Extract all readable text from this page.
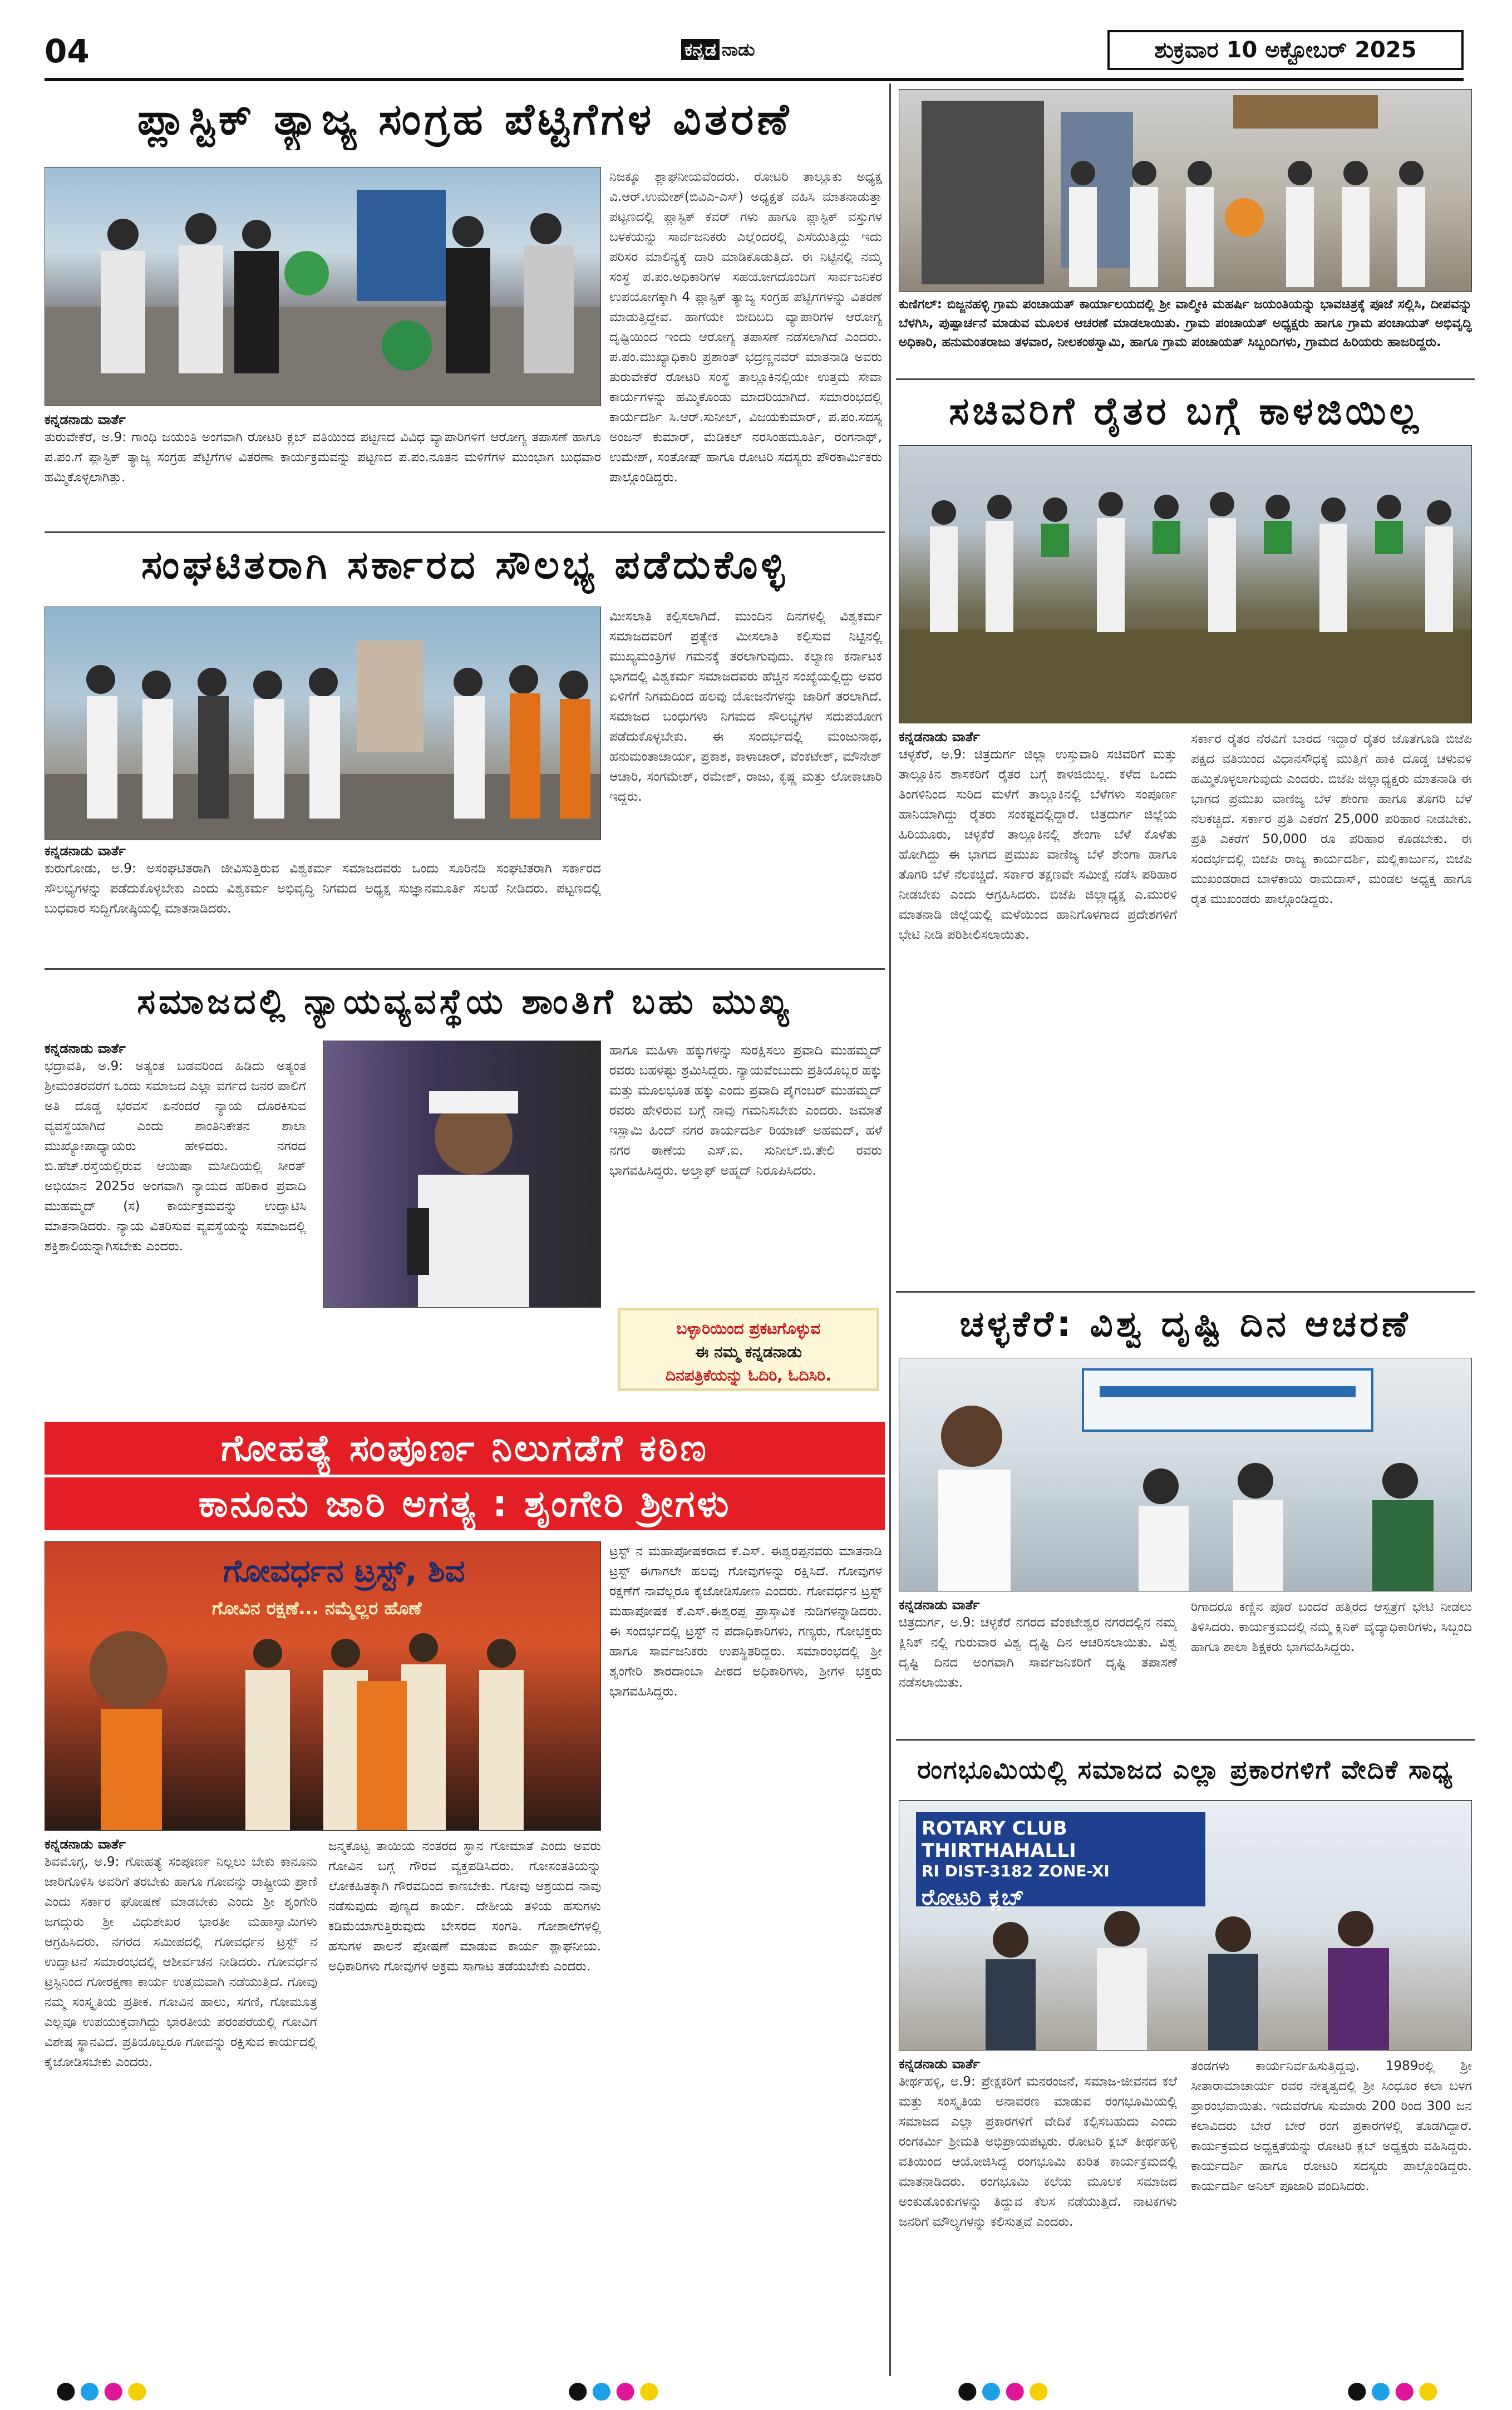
04	ಕನ್ನಡ ನಾಡು	ಶುಕ್ರವಾರ 10 ಅಕ್ಟೋಬರ್ 2025
ಪ್ಲಾಸ್ಟಿಕ್ ತ್ಯಾಜ್ಯ ಸಂಗ್ರಹ ಪೆಟ್ಟಿಗೆಗಳ ವಿತರಣೆ
ಕನ್ನಡನಾಡು ವಾರ್ತೆ
ತುರುವೇಕೆರೆ, ಅ.9: ಗಾಂಧಿ ಜಯಂತಿ ಅಂಗವಾಗಿ ರೋಟರಿ ಕ್ಲಬ್ ವತಿಯಿಂದ ಪಟ್ಟಣದ ವಿವಿಧ ವ್ಯಾಪಾರಿಗಳಿಗೆ ಆರೋಗ್ಯ ತಪಾಸಣೆ ಹಾಗೂ ಪ.ಪಂ.ಗೆ ಪ್ಲಾಸ್ಟಿಕ್ ತ್ಯಾಜ್ಯ ಸಂಗ್ರಹ ಪೆಟ್ಟಿಗೆಗಳ ವಿತರಣಾ ಕಾರ್ಯಕ್ರಮವನ್ನು ಪಟ್ಟಣದ ಪ.ಪಂ.ನೂತನ ಮಳಿಗೆಗಳ ಮುಂಭಾಗ ಬುಧವಾರ ಹಮ್ಮಿಕೊಳ್ಳಲಾಗಿತ್ತು.
ನಿಜಕ್ಕೂ ಶ್ಲಾಘನೀಯವೆಂದರು. ರೋಟರಿ ತಾಲ್ಲೂಕು ಅಧ್ಯಕ್ಷ ವಿ.ಆರ್.ಉಮೇಶ್(ಬಿವಿಎ-ಎಸ್) ಅಧ್ಯಕ್ಷತೆ ವಹಿಸಿ ಮಾತನಾಡುತ್ತಾ ಪಟ್ಟಣದಲ್ಲಿ ಪ್ಲಾಸ್ಟಿಕ್ ಕವರ್ ಗಳು ಹಾಗೂ ಪ್ಲಾಸ್ಟಿಕ್ ವಸ್ತುಗಳ ಬಳಕೆಯನ್ನು ಸಾರ್ವಜನಿಕರು ಎಲ್ಲೆಂದರಲ್ಲಿ ಎಸೆಯುತ್ತಿದ್ದು ಇದು ಪರಿಸರ ಮಾಲಿನ್ಯಕ್ಕೆ ದಾರಿ ಮಾಡಿಕೊಡುತ್ತಿದೆ. ಈ ನಿಟ್ಟಿನಲ್ಲಿ ನಮ್ಮ ಸಂಸ್ಥೆ ಪ.ಪಂ.ಅಧಿಕಾರಿಗಳ ಸಹಯೋಗದೊಂದಿಗೆ ಸಾರ್ವಜನಿಕರ ಉಪಯೋಗಕ್ಕಾಗಿ 4 ಪ್ಲಾಸ್ಟಿಕ್ ತ್ಯಾಜ್ಯ ಸಂಗ್ರಹ ಪೆಟ್ಟಿಗೆಗಳನ್ನು ವಿತರಣೆ ಮಾಡುತ್ತಿದ್ದೇವೆ. ಹಾಗೆಯೇ ಬೀದಿಬದಿ ವ್ಯಾಪಾರಿಗಳ ಆರೋಗ್ಯ ದೃಷ್ಟಿಯಿಂದ ಇಂದು ಆರೋಗ್ಯ ತಪಾಸಣೆ ನಡೆಸಲಾಗಿದೆ ಎಂದರು. ಪ.ಪಂ.ಮುಖ್ಯಾಧಿಕಾರಿ ಪ್ರಶಾಂತ್ ಭದ್ರಣ್ಣನವರ್ ಮಾತನಾಡಿ ಅವರು ತುರುವೇಕೆರೆ ರೋಟರಿ ಸಂಸ್ಥೆ ತಾಲ್ಲೂಕಿನಲ್ಲಿಯೇ ಉತ್ತಮ ಸೇವಾ ಕಾರ್ಯಗಳನ್ನು ಹಮ್ಮಿಕೊಂಡು ಮಾದರಿಯಾಗಿದೆ. ಸಮಾರಂಭದಲ್ಲಿ ಕಾರ್ಯದರ್ಶಿ ಸಿ.ಆರ್.ಸುನೀಲ್, ವಿಜಯಕುಮಾರ್, ಪ.ಪಂ.ಸದಸ್ಯ ಅಂಜನ್ ಕುಮಾರ್, ಮೆಡಿಕಲ್ ನರಸಿಂಹಮೂರ್ತಿ, ರಂಗನಾಥ್, ಉಮೇಶ್, ಸಂತೋಷ್ ಹಾಗೂ ರೋಟರಿ ಸದಸ್ಯರು ಪೌರಕಾರ್ಮಿಕರು ಪಾಲ್ಗೊಂಡಿದ್ದರು.
ಕುಣಿಗಲ್: ಬಿಜ್ಜನಹಳ್ಳಿ ಗ್ರಾಮ ಪಂಚಾಯತ್ ಕಾರ್ಯಾಲಯದಲ್ಲಿ ಶ್ರೀ ವಾಲ್ಮೀಕಿ ಮಹರ್ಷಿ ಜಯಂತಿಯನ್ನು ಭಾವಚಿತ್ರಕ್ಕೆ ಪೂಜೆ ಸಲ್ಲಿಸಿ, ದೀಪವನ್ನು ಬೆಳಗಿಸಿ, ಪುಷ್ಪಾರ್ಚನೆ ಮಾಡುವ ಮೂಲಕ ಆಚರಣೆ ಮಾಡಲಾಯಿತು. ಗ್ರಾಮ ಪಂಚಾಯತ್ ಅಧ್ಯಕ್ಷರು ಹಾಗೂ ಗ್ರಾಮ ಪಂಚಾಯತ್ ಅಭಿವೃದ್ಧಿ ಅಧಿಕಾರಿ, ಹನುಮಂತರಾಜು ತಳವಾರ, ನೀಲಕಂಠಸ್ವಾಮಿ, ಹಾಗೂ ಗ್ರಾಮ ಪಂಚಾಯತ್ ಸಿಬ್ಬಂದಿಗಳು, ಗ್ರಾಮದ ಹಿರಿಯರು ಹಾಜರಿದ್ದರು.
ಸಚಿವರಿಗೆ ರೈತರ ಬಗ್ಗೆ ಕಾಳಜಿಯಿಲ್ಲ
ಕನ್ನಡನಾಡು ವಾರ್ತೆ
ಚಳ್ಳಕೆರೆ, ಅ.9: ಚಿತ್ರದುರ್ಗ ಜಿಲ್ಲಾ ಉಸ್ತುವಾರಿ ಸಚಿವರಿಗೆ ಮತ್ತು ತಾಲ್ಲೂಕಿನ ಶಾಸಕರಿಗೆ ರೈತರ ಬಗ್ಗೆ ಕಾಳಜಿಯಿಲ್ಲ. ಕಳೆದ ಒಂದು ತಿಂಗಳಿನಿಂದ ಸುರಿದ ಮಳೆಗೆ ತಾಲ್ಲೂಕಿನಲ್ಲಿ ಬೆಳೆಗಳು ಸಂಪೂರ್ಣ ಹಾನಿಯಾಗಿದ್ದು ರೈತರು ಸಂಕಷ್ಟದಲ್ಲಿದ್ದಾರೆ. ಚಿತ್ರದುರ್ಗ ಜಿಲ್ಲೆಯ ಹಿರಿಯೂರು, ಚಳ್ಳಕೆರೆ ತಾಲ್ಲೂಕಿನಲ್ಲಿ ಶೇಂಗಾ ಬೆಳೆ ಕೊಳೆತು ಹೋಗಿದ್ದು ಈ ಭಾಗದ ಪ್ರಮುಖ ವಾಣಿಜ್ಯ ಬೆಳೆ ಶೇಂಗಾ ಹಾಗೂ ತೊಗರಿ ಬೆಳೆ ನೆಲಕಚ್ಚಿದೆ. ಸರ್ಕಾರ ತಕ್ಷಣವೇ ಸಮೀಕ್ಷೆ ನಡೆಸಿ ಪರಿಹಾರ ನೀಡಬೇಕು ಎಂದು ಆಗ್ರಹಿಸಿದರು. ಬಿಜೆಪಿ ಜಿಲ್ಲಾಧ್ಯಕ್ಷ ಎ.ಮುರಳಿ ಮಾತನಾಡಿ ಜಿಲ್ಲೆಯಲ್ಲಿ ಮಳೆಯಿಂದ ಹಾನಿಗೊಳಗಾದ ಪ್ರದೇಶಗಳಿಗೆ ಭೇಟಿ ನೀಡಿ ಪರಿಶೀಲಿಸಲಾಯಿತು.
ಸರ್ಕಾರ ರೈತರ ನೆರವಿಗೆ ಬಾರದ ಇದ್ದಾರೆ ರೈತರ ಜೊತೆಗೂಡಿ ಬಿಜೆಪಿ ಪಕ್ಷದ ವತಿಯಿಂದ ವಿಧಾನಸೌಧಕ್ಕೆ ಮುತ್ತಿಗೆ ಹಾಕಿ ದೊಡ್ಡ ಚಳುವಳಿ ಹಮ್ಮಿಕೊಳ್ಳಲಾಗುವುದು ಎಂದರು. ಬಿಜೆಪಿ ಜಿಲ್ಲಾಧ್ಯಕ್ಷರು ಮಾತನಾಡಿ ಈ ಭಾಗದ ಪ್ರಮುಖ ವಾಣಿಜ್ಯ ಬೆಳೆ ಶೇಂಗಾ ಹಾಗೂ ತೊಗರಿ ಬೆಳೆ ನೆಲಕಚ್ಚಿದೆ. ಸರ್ಕಾರ ಪ್ರತಿ ಎಕರೆಗೆ 25,000 ಪರಿಹಾರ ನೀಡಬೇಕು. ಪ್ರತಿ ಎಕರೆಗೆ 50,000 ರೂ ಪರಿಹಾರ ಕೊಡಬೇಕು. ಈ ಸಂದರ್ಭದಲ್ಲಿ ಬಿಜೆಪಿ ರಾಜ್ಯ ಕಾರ್ಯದರ್ಶಿ, ಮಲ್ಲಿಕಾರ್ಜುನ, ಬಿಜೆಪಿ ಮುಖಂಡರಾದ ಬಾಳೆಕಾಯಿ ರಾಮದಾಸ್, ಮಂಡಲ ಅಧ್ಯಕ್ಷ ಹಾಗೂ ರೈತ ಮುಖಂಡರು ಪಾಲ್ಗೊಂಡಿದ್ದರು.
ಸಂಘಟಿತರಾಗಿ ಸರ್ಕಾರದ ಸೌಲಭ್ಯ ಪಡೆದುಕೊಳ್ಳಿ
ಕನ್ನಡನಾಡು ವಾರ್ತೆ
ಕುರುಗೋಡು, ಅ.9: ಅಸಂಘಟಿತರಾಗಿ ಜೀವಿಸುತ್ತಿರುವ ವಿಶ್ವಕರ್ಮ ಸಮಾಜದವರು ಒಂದು ಸೂರಿನಡಿ ಸಂಘಟಿತರಾಗಿ ಸರ್ಕಾರದ ಸೌಲಭ್ಯಗಳನ್ನು ಪಡೆದುಕೊಳ್ಳಬೇಕು ಎಂದು ವಿಶ್ವಕರ್ಮ ಅಭಿವೃದ್ಧಿ ನಿಗಮದ ಅಧ್ಯಕ್ಷ ಸುಜ್ಞಾನಮೂರ್ತಿ ಸಲಹೆ ನೀಡಿದರು. ಪಟ್ಟಣದಲ್ಲಿ ಬುಧವಾರ ಸುದ್ದಿಗೋಷ್ಠಿಯಲ್ಲಿ ಮಾತನಾಡಿದರು.
ಮೀಸಲಾತಿ ಕಲ್ಪಿಸಲಾಗಿದೆ. ಮುಂದಿನ ದಿನಗಳಲ್ಲಿ ವಿಶ್ವಕರ್ಮ ಸಮಾಜದವರಿಗೆ ಪ್ರತ್ಯೇಕ ಮೀಸಲಾತಿ ಕಲ್ಪಿಸುವ ನಿಟ್ಟಿನಲ್ಲಿ ಮುಖ್ಯಮಂತ್ರಿಗಳ ಗಮನಕ್ಕೆ ತರಲಾಗುವುದು. ಕಲ್ಯಾಣ ಕರ್ನಾಟಕ ಭಾಗದಲ್ಲಿ ವಿಶ್ವಕರ್ಮ ಸಮಾಜದವರು ಹೆಚ್ಚಿನ ಸಂಖ್ಯೆಯಲ್ಲಿದ್ದು ಅವರ ಏಳಿಗೆಗೆ ನಿಗಮದಿಂದ ಹಲವು ಯೋಜನೆಗಳನ್ನು ಜಾರಿಗೆ ತರಲಾಗಿದೆ. ಸಮಾಜದ ಬಂಧುಗಳು ನಿಗಮದ ಸೌಲಭ್ಯಗಳ ಸದುಪಯೋಗ ಪಡೆದುಕೊಳ್ಳಬೇಕು. ಈ ಸಂದರ್ಭದಲ್ಲಿ ಮಂಜುನಾಥ, ಹನುಮಂತಾಚಾರ್ಯ, ಪ್ರಕಾಶ, ಕಾಳಾಚಾರ್, ವೆಂಕಟೇಶ್, ಮೌನೇಶ್ ಆಚಾರಿ, ಸಂಗಮೇಶ್, ರಮೇಶ್, ರಾಜು, ಕೃಷ್ಣ ಮತ್ತು ಲೋಕಾಚಾರಿ ಇದ್ದರು.
ಸಮಾಜದಲ್ಲಿ ನ್ಯಾಯವ್ಯವಸ್ಥೆಯ ಶಾಂತಿಗೆ ಬಹು ಮುಖ್ಯ
ಕನ್ನಡನಾಡು ವಾರ್ತೆ
ಭದ್ರಾವತಿ, ಅ.9: ಅತ್ಯಂತ ಬಡವರಿಂದ ಹಿಡಿದು ಅತ್ಯಂತ ಶ್ರೀಮಂತರವರೆಗೆ ಒಂದು ಸಮಾಜದ ಎಲ್ಲಾ ವರ್ಗದ ಜನರ ಪಾಲಿಗೆ ಅತಿ ದೊಡ್ಡ ಭರವಸೆ ಏನೆಂದರೆ ನ್ಯಾಯ ದೊರಕಿಸುವ ವ್ಯವಸ್ಥೆಯಾಗಿದೆ ಎಂದು ಶಾಂತಿನಿಕೇತನ ಶಾಲಾ ಮುಖ್ಯೋಪಾಧ್ಯಾಯರು ಹೇಳಿದರು. ನಗರದ ಬಿ.ಹೆಚ್.ರಸ್ತೆಯಲ್ಲಿರುವ ಆಯಿಷಾ ಮಸೀದಿಯಲ್ಲಿ ಸೀರತ್ ಅಭಿಯಾನ 2025ರ ಅಂಗವಾಗಿ ನ್ಯಾಯದ ಹರಿಕಾರ ಪ್ರವಾದಿ ಮುಹಮ್ಮದ್ (ಸ) ಕಾರ್ಯಕ್ರಮವನ್ನು ಉದ್ಘಾಟಿಸಿ ಮಾತನಾಡಿದರು. ನ್ಯಾಯ ವಿತರಿಸುವ ವ್ಯವಸ್ಥೆಯನ್ನು ಸಮಾಜದಲ್ಲಿ ಶಕ್ತಿಶಾಲಿಯನ್ನಾಗಿಸಬೇಕು ಎಂದರು.
ಹಾಗೂ ಮಹಿಳಾ ಹಕ್ಕುಗಳನ್ನು ಸುರಕ್ಷಿಸಲು ಪ್ರವಾದಿ ಮುಹಮ್ಮದ್ ರವರು ಬಹಳಷ್ಟು ಶ್ರಮಿಸಿದ್ದರು. ನ್ಯಾಯವೆಂಬುದು ಪ್ರತಿಯೊಬ್ಬರ ಹಕ್ಕು ಮತ್ತು ಮೂಲಭೂತ ಹಕ್ಕು ಎಂದು ಪ್ರವಾದಿ ಪೈಗಂಬರ್ ಮುಹಮ್ಮದ್ ರವರು ಹೇಳಿರುವ ಬಗ್ಗೆ ನಾವು ಗಮನಿಸಬೇಕು ಎಂದರು. ಜಮಾತೆ ಇಸ್ಲಾಮಿ ಹಿಂದ್ ನಗರ ಕಾರ್ಯದರ್ಶಿ ರಿಯಾಜ್ ಅಹಮದ್, ಹಳೆ ನಗರ ಠಾಣೆಯ ಎಸ್.ಐ. ಸುನೀಲ್.ಬಿ.ತೇಲಿ ರವರು ಭಾಗವಹಿಸಿದ್ದರು. ಅಲ್ತಾಫ್ ಅಹ್ಮದ್ ನಿರೂಪಿಸಿದರು.
ಬಳ್ಳಾರಿಯಿಂದ ಪ್ರಕಟಗೊಳ್ಳುವ
ಈ ನಮ್ಮ ಕನ್ನಡನಾಡು
ದಿನಪತ್ರಿಕೆಯನ್ನು ಓದಿರಿ, ಓದಿಸಿರಿ.
ಗೋಹತ್ಯೆ ಸಂಪೂರ್ಣ ನಿಲುಗಡೆಗೆ ಕಠಿಣ
ಕಾನೂನು ಜಾರಿ ಅಗತ್ಯ : ಶೃಂಗೇರಿ ಶ್ರೀಗಳು
ಗೋವರ್ಧನ ಟ್ರಸ್ಟ್, ಶಿವ
ಗೋವಿನ ರಕ್ಷಣೆ... ನಮ್ಮೆಲ್ಲರ ಹೊಣೆ
ಕನ್ನಡನಾಡು ವಾರ್ತೆ
ಶಿವಮೊಗ್ಗ, ಅ.9: ಗೋಹತ್ಯೆ ಸಂಪೂರ್ಣ ನಿಲ್ಲಲು ಬೇಕು ಕಾನೂನು ಜಾರಿಗೊಳಿಸಿ ಅವರಿಗೆ ತರಬೇಕು ಹಾಗೂ ಗೋವನ್ನು ರಾಷ್ಟ್ರೀಯ ಪ್ರಾಣಿ ಎಂದು ಸರ್ಕಾರ ಘೋಷಣೆ ಮಾಡಬೇಕು ಎಂದು ಶ್ರೀ ಶೃಂಗೇರಿ ಜಗದ್ಗುರು ಶ್ರೀ ವಿಧುಶೇಖರ ಭಾರತೀ ಮಹಾಸ್ವಾಮಿಗಳು ಆಗ್ರಹಿಸಿದರು. ನಗರದ ಸಮೀಪದಲ್ಲಿ ಗೋವರ್ಧನ ಟ್ರಸ್ಟ್ ನ ಉದ್ಘಾಟನೆ ಸಮಾರಂಭದಲ್ಲಿ ಆಶೀರ್ವಚನ ನೀಡಿದರು. ಗೋವರ್ಧನ ಟ್ರಸ್ಟಿನಿಂದ ಗೋರಕ್ಷಣಾ ಕಾರ್ಯ ಉತ್ತಮವಾಗಿ ನಡೆಯುತ್ತಿದೆ. ಗೋವು ನಮ್ಮ ಸಂಸ್ಕೃತಿಯ ಪ್ರತೀಕ. ಗೋವಿನ ಹಾಲು, ಸಗಣಿ, ಗೋಮೂತ್ರ ಎಲ್ಲವೂ ಉಪಯುಕ್ತವಾಗಿದ್ದು ಭಾರತೀಯ ಪರಂಪರೆಯಲ್ಲಿ ಗೋವಿಗೆ ವಿಶೇಷ ಸ್ಥಾನವಿದೆ. ಪ್ರತಿಯೊಬ್ಬರೂ ಗೋವನ್ನು ರಕ್ಷಿಸುವ ಕಾರ್ಯದಲ್ಲಿ ಕೈಜೋಡಿಸಬೇಕು ಎಂದರು.
ಜನ್ಮಕೊಟ್ಟ ತಾಯಿಯ ನಂತರದ ಸ್ಥಾನ ಗೋಮಾತೆ ಎಂದು ಅವರು ಗೋವಿನ ಬಗ್ಗೆ ಗೌರವ ವ್ಯಕ್ತಪಡಿಸಿದರು. ಗೋಸಂತತಿಯನ್ನು ಲೋಕಹಿತಕ್ಕಾಗಿ ಗೌರವದಿಂದ ಕಾಣಬೇಕು. ಗೋವು ಆಶ್ರಯದ ನಾವು ನಡೆಸುವುದು ಪುಣ್ಯದ ಕಾರ್ಯ. ದೇಶೀಯ ತಳಿಯ ಹಸುಗಳು ಕಡಿಮೆಯಾಗುತ್ತಿರುವುದು ಬೇಸರದ ಸಂಗತಿ. ಗೋಶಾಲೆಗಳಲ್ಲಿ ಹಸುಗಳ ಪಾಲನೆ ಪೋಷಣೆ ಮಾಡುವ ಕಾರ್ಯ ಶ್ಲಾಘನೀಯ. ಅಧಿಕಾರಿಗಳು ಗೋವುಗಳ ಅಕ್ರಮ ಸಾಗಾಟ ತಡೆಯಬೇಕು ಎಂದರು.
ಟ್ರಸ್ಟ್ ನ ಮಹಾಪೋಷಕರಾದ ಕೆ.ಎಸ್. ಈಶ್ವರಪ್ಪನವರು ಮಾತನಾಡಿ ಟ್ರಸ್ಟ್ ಈಗಾಗಲೇ ಹಲವು ಗೋವುಗಳನ್ನು ರಕ್ಷಿಸಿದೆ. ಗೋವುಗಳ ರಕ್ಷಣೆಗೆ ನಾವೆಲ್ಲರೂ ಕೈಜೋಡಿಸೋಣ ಎಂದರು. ಗೋವರ್ಧನ ಟ್ರಸ್ಟ್ ಮಹಾಪೋಷಕ ಕೆ.ಎಸ್.ಈಶ್ವರಪ್ಪ ಪ್ರಾಸ್ತಾವಿಕ ನುಡಿಗಳನ್ನಾಡಿದರು. ಈ ಸಂದರ್ಭದಲ್ಲಿ ಟ್ರಸ್ಟ್ ನ ಪದಾಧಿಕಾರಿಗಳು, ಗಣ್ಯರು, ಗೋಭಕ್ತರು ಹಾಗೂ ಸಾರ್ವಜನಿಕರು ಉಪಸ್ಥಿತರಿದ್ದರು. ಸಮಾರಂಭದಲ್ಲಿ ಶ್ರೀ ಶೃಂಗೇರಿ ಶಾರದಾಂಬಾ ಪೀಠದ ಅಧಿಕಾರಿಗಳು, ಶ್ರೀಗಳ ಭಕ್ತರು ಭಾಗವಹಿಸಿದ್ದರು.
ಚಳ್ಳಕೆರೆ: ವಿಶ್ವ ದೃಷ್ಟಿ ದಿನ ಆಚರಣೆ
ಕನ್ನಡನಾಡು ವಾರ್ತೆ
ಚಿತ್ರದುರ್ಗ, ಅ.9: ಚಳ್ಳಕೆರೆ ನಗರದ ವೆಂಕಟೇಶ್ವರ ನಗರದಲ್ಲಿನ ನಮ್ಮ ಕ್ಲಿನಿಕ್ ನಲ್ಲಿ ಗುರುವಾರ ವಿಶ್ವ ದೃಷ್ಟಿ ದಿನ ಆಚರಿಸಲಾಯಿತು. ವಿಶ್ವ ದೃಷ್ಟಿ ದಿನದ ಅಂಗವಾಗಿ ಸಾರ್ವಜನಿಕರಿಗೆ ದೃಷ್ಟಿ ತಪಾಸಣೆ ನಡೆಸಲಾಯಿತು.
ರಿಗಾದರೂ ಕಣ್ಣಿನ ಪೊರೆ ಬಂದರೆ ಹತ್ತಿರದ ಆಸ್ಪತ್ರೆಗೆ ಭೇಟಿ ನೀಡಲು ತಿಳಿಸಿದರು. ಕಾರ್ಯಕ್ರಮದಲ್ಲಿ ನಮ್ಮ ಕ್ಲಿನಿಕ್ ವೈದ್ಯಾಧಿಕಾರಿಗಳು, ಸಿಬ್ಬಂದಿ ಹಾಗೂ ಶಾಲಾ ಶಿಕ್ಷಕರು ಭಾಗವಹಿಸಿದ್ದರು.
ರಂಗಭೂಮಿಯಲ್ಲಿ ಸಮಾಜದ ಎಲ್ಲಾ ಪ್ರಕಾರಗಳಿಗೆ ವೇದಿಕೆ ಸಾಧ್ಯ
ROTARY CLUB THIRTHAHALLI
RI DIST-3182 ZONE-XI
ರೋಟರಿ ಕ್ಲಬ್
ಕನ್ನಡನಾಡು ವಾರ್ತೆ
ತೀರ್ಥಹಳ್ಳಿ, ಅ.9: ಪ್ರೇಕ್ಷಕರಿಗೆ ಮನರಂಜನೆ, ಸಮಾಜ-ಜೀವನದ ಕಲೆ ಮತ್ತು ಸಂಸ್ಕೃತಿಯ ಅನಾವರಣ ಮಾಡುವ ರಂಗಭೂಮಿಯಲ್ಲಿ ಸಮಾಜದ ಎಲ್ಲಾ ಪ್ರಕಾರಗಳಿಗೆ ವೇದಿಕೆ ಕಲ್ಪಿಸಬಹುದು ಎಂದು ರಂಗಕರ್ಮಿ ಶ್ರೀಮತಿ ಅಭಿಪ್ರಾಯಪಟ್ಟರು. ರೋಟರಿ ಕ್ಲಬ್ ತೀರ್ಥಹಳ್ಳಿ ವತಿಯಿಂದ ಆಯೋಜಿಸಿದ್ದ ರಂಗಭೂಮಿ ಕುರಿತ ಕಾರ್ಯಕ್ರಮದಲ್ಲಿ ಮಾತನಾಡಿದರು. ರಂಗಭೂಮಿ ಕಲೆಯ ಮೂಲಕ ಸಮಾಜದ ಅಂಕುಡೊಂಕುಗಳನ್ನು ತಿದ್ದುವ ಕೆಲಸ ನಡೆಯುತ್ತಿದೆ. ನಾಟಕಗಳು ಜನರಿಗೆ ಮೌಲ್ಯಗಳನ್ನು ಕಲಿಸುತ್ತವೆ ಎಂದರು.
ತಂಡಗಳು ಕಾರ್ಯನಿರ್ವಹಿಸುತ್ತಿದ್ದವು. 1989ರಲ್ಲಿ ಶ್ರೀ ಸೀತಾರಾಮಾಚಾರ್ಯ ರವರ ನೇತೃತ್ವದಲ್ಲಿ ಶ್ರೀ ಸಿಂಧೂರ ಕಲಾ ಬಳಗ ಪ್ರಾರಂಭವಾಯಿತು. ಇದುವರೆಗೂ ಸುಮಾರು 200 ರಿಂದ 300 ಜನ ಕಲಾವಿದರು ಬೇರೆ ಬೇರೆ ರಂಗ ಪ್ರಕಾರಗಳಲ್ಲಿ ತೊಡಗಿದ್ದಾರೆ. ಕಾರ್ಯಕ್ರಮದ ಅಧ್ಯಕ್ಷತೆಯನ್ನು ರೋಟರಿ ಕ್ಲಬ್ ಅಧ್ಯಕ್ಷರು ವಹಿಸಿದ್ದರು. ಕಾರ್ಯದರ್ಶಿ ಹಾಗೂ ರೋಟರಿ ಸದಸ್ಯರು ಪಾಲ್ಗೊಂಡಿದ್ದರು. ಕಾರ್ಯದರ್ಶಿ ಅನಿಲ್ ಪೂಜಾರಿ ವಂದಿಸಿದರು.
●●●●	●●●●	●●●●	●●●●
